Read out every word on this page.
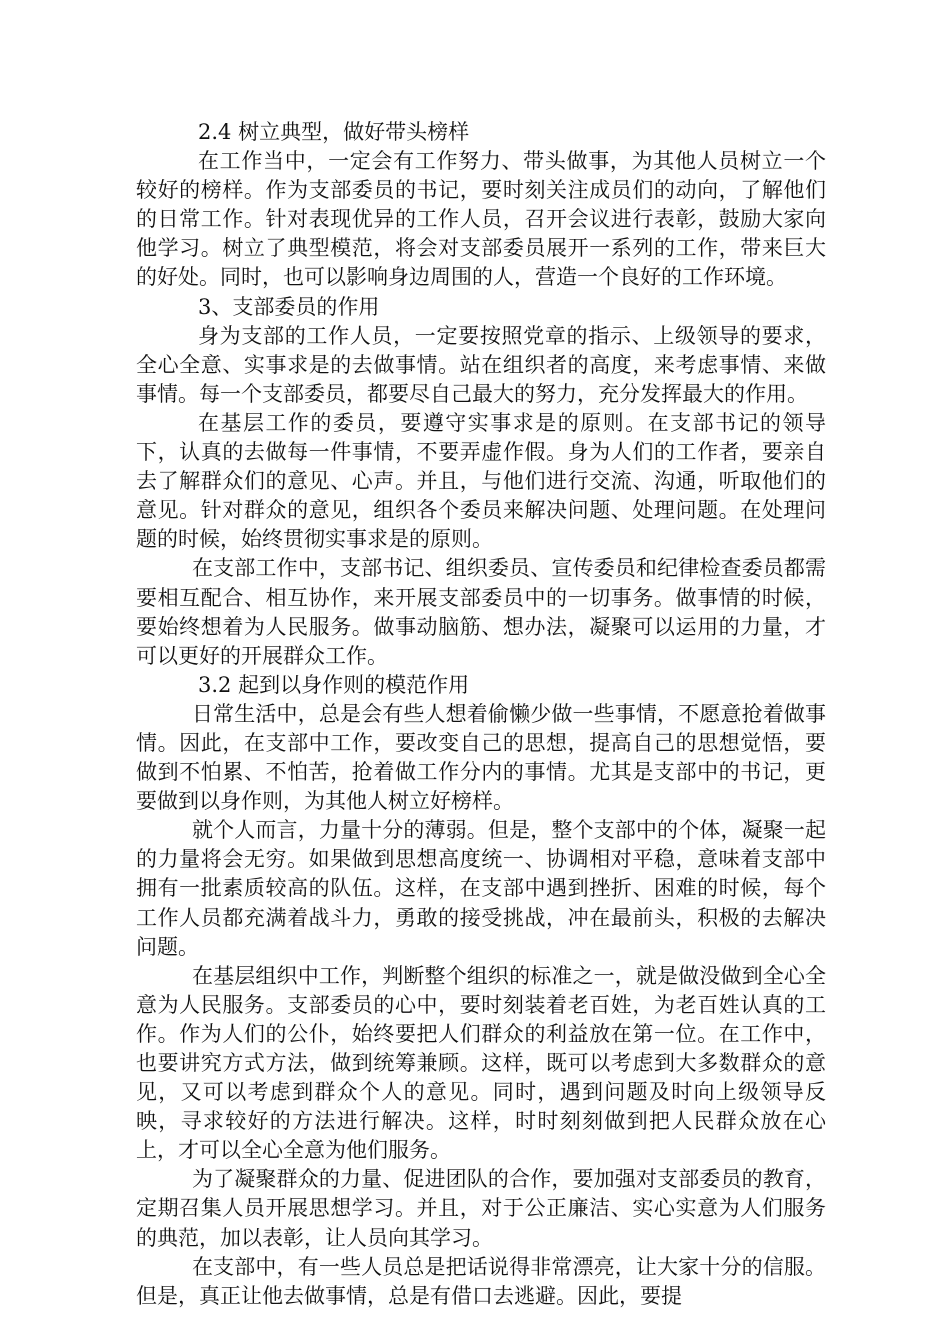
2.4 树立典型，做好带头榜样

在工作当中，一定会有工作努力、带头做事，为其他人员树立一个较好的榜样。作为支部委员的书记，要时刻关注成员们的动向，了解他们的日常工作。针对表现优异的工作人员，召开会议进行表彰，鼓励大家向他学习。树立了典型模范，将会对支部委员展开一系列的工作，带来巨大的好处。同时，也可以影响身边周围的人，营造一个良好的工作环境。

3、支部委员的作用

身为支部的工作人员，一定要按照党章的指示、上级领导的要求，全心全意、实事求是的去做事情。站在组织者的高度，来考虑事情、来做事情。每一个支部委员，都要尽自己最大的努力，充分发挥最大的作用。

在基层工作的委员，要遵守实事求是的原则。在支部书记的领导下，认真的去做每一件事情，不要弄虚作假。身为人们的工作者，要亲自去了解群众们的意见、心声。并且，与他们进行交流、沟通，听取他们的意见。针对群众的意见，组织各个委员来解决问题、处理问题。在处理问题的时候，始终贯彻实事求是的原则。

在支部工作中，支部书记、组织委员、宣传委员和纪律检查委员都需要相互配合、相互协作，来开展支部委员中的一切事务。做事情的时候，要始终想着为人民服务。做事动脑筋、想办法，凝聚可以运用的力量，才可以更好的开展群众工作。

3.2 起到以身作则的模范作用

日常生活中，总是会有些人想着偷懒少做一些事情，不愿意抢着做事情。因此，在支部中工作，要改变自己的思想，提高自己的思想觉悟，要做到不怕累、不怕苦，抢着做工作分内的事情。尤其是支部中的书记，更要做到以身作则，为其他人树立好榜样。

就个人而言，力量十分的薄弱。但是，整个支部中的个体，凝聚一起的力量将会无穷。如果做到思想高度统一、协调相对平稳，意味着支部中拥有一批素质较高的队伍。这样，在支部中遇到挫折、困难的时候，每个工作人员都充满着战斗力，勇敢的接受挑战，冲在最前头，积极的去解决问题。

在基层组织中工作，判断整个组织的标准之一，就是做没做到全心全意为人民服务。支部委员的心中，要时刻装着老百姓，为老百姓认真的工作。作为人们的公仆，始终要把人们群众的利益放在第一位。在工作中，也要讲究方式方法，做到统筹兼顾。这样，既可以考虑到大多数群众的意见，又可以考虑到群众个人的意见。同时，遇到问题及时向上级领导反映，寻求较好的方法进行解决。这样，时时刻刻做到把人民群众放在心上，才可以全心全意为他们服务。

为了凝聚群众的力量、促进团队的合作，要加强对支部委员的教育，定期召集人员开展思想学习。并且，对于公正廉洁、实心实意为人们服务的典范，加以表彰，让人员向其学习。

在支部中，有一些人员总是把话说得非常漂亮，让大家十分的信服。但是，真正让他去做事情，总是有借口去逃避。因此，要提
